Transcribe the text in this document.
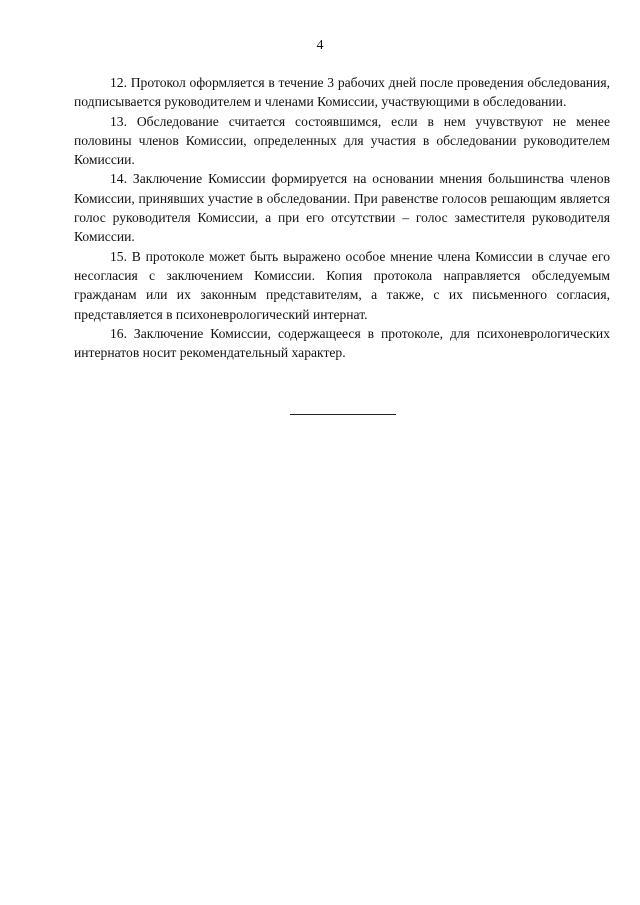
4

12. Протокол оформляется в течение 3 рабочих дней после проведения обследования, подписывается руководителем и членами Комиссии, участвующими в обследовании.

13. Обследование считается состоявшимся, если в нем учувствуют не менее половины членов Комиссии, определенных для участия в обследовании руководителем Комиссии.

14. Заключение Комиссии формируется на основании мнения большинства членов Комиссии, принявших участие в обследовании. При равенстве голосов решающим является голос руководителя Комиссии, а при его отсутствии – голос заместителя руководителя Комиссии.

15. В протоколе может быть выражено особое мнение члена Комиссии в случае его несогласия с заключением Комиссии. Копия протокола направляется обследуемым гражданам или их законным представителям, а также, с их письменного согласия, представляется в психоневрологический интернат.

16. Заключение Комиссии, содержащееся в протоколе, для психоневрологических интернатов носит рекомендательный характер.
